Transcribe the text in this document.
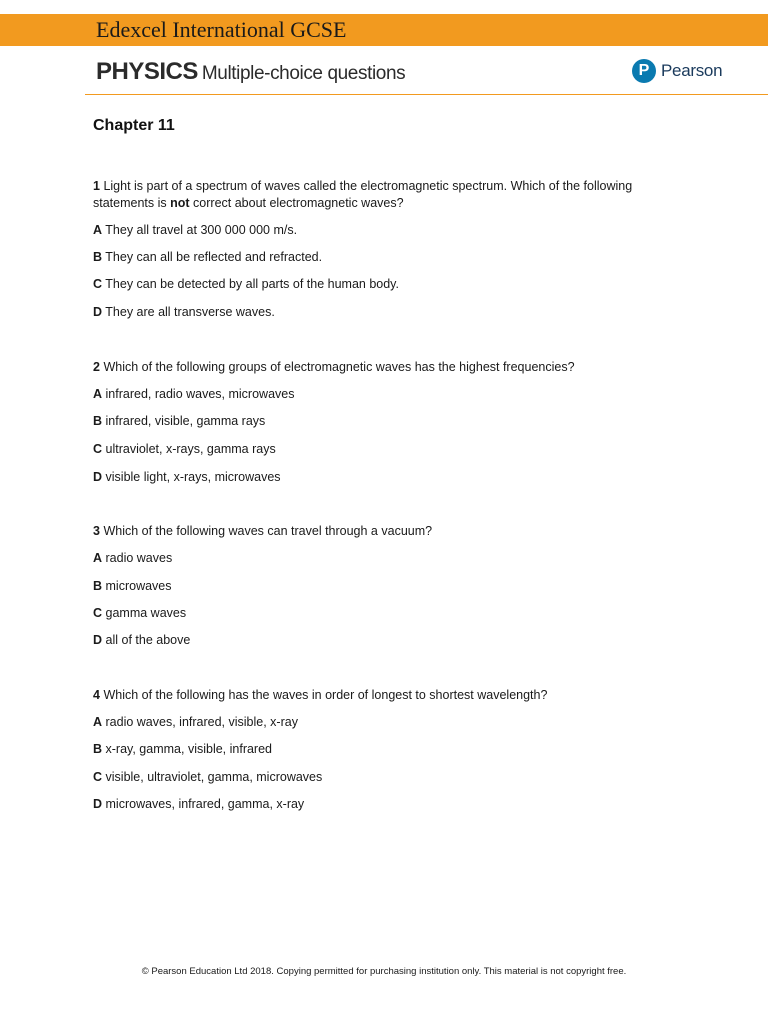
Edexcel International GCSE
PHYSICS Multiple-choice questions	P Pearson
Chapter 11
1 Light is part of a spectrum of waves called the electromagnetic spectrum. Which of the following statements is not correct about electromagnetic waves?
A They all travel at 300 000 000 m/s.
B They can all be reflected and refracted.
C They can be detected by all parts of the human body.
D They are all transverse waves.
2 Which of the following groups of electromagnetic waves has the highest frequencies?
A infrared, radio waves, microwaves
B infrared, visible, gamma rays
C ultraviolet, x-rays, gamma rays
D visible light, x-rays, microwaves
3 Which of the following waves can travel through a vacuum?
A radio waves
B microwaves
C gamma waves
D all of the above
4 Which of the following has the waves in order of longest to shortest wavelength?
A radio waves, infrared, visible, x-ray
B x-ray, gamma, visible, infrared
C visible, ultraviolet, gamma, microwaves
D microwaves, infrared, gamma, x-ray
© Pearson Education Ltd 2018. Copying permitted for purchasing institution only. This material is not copyright free.
